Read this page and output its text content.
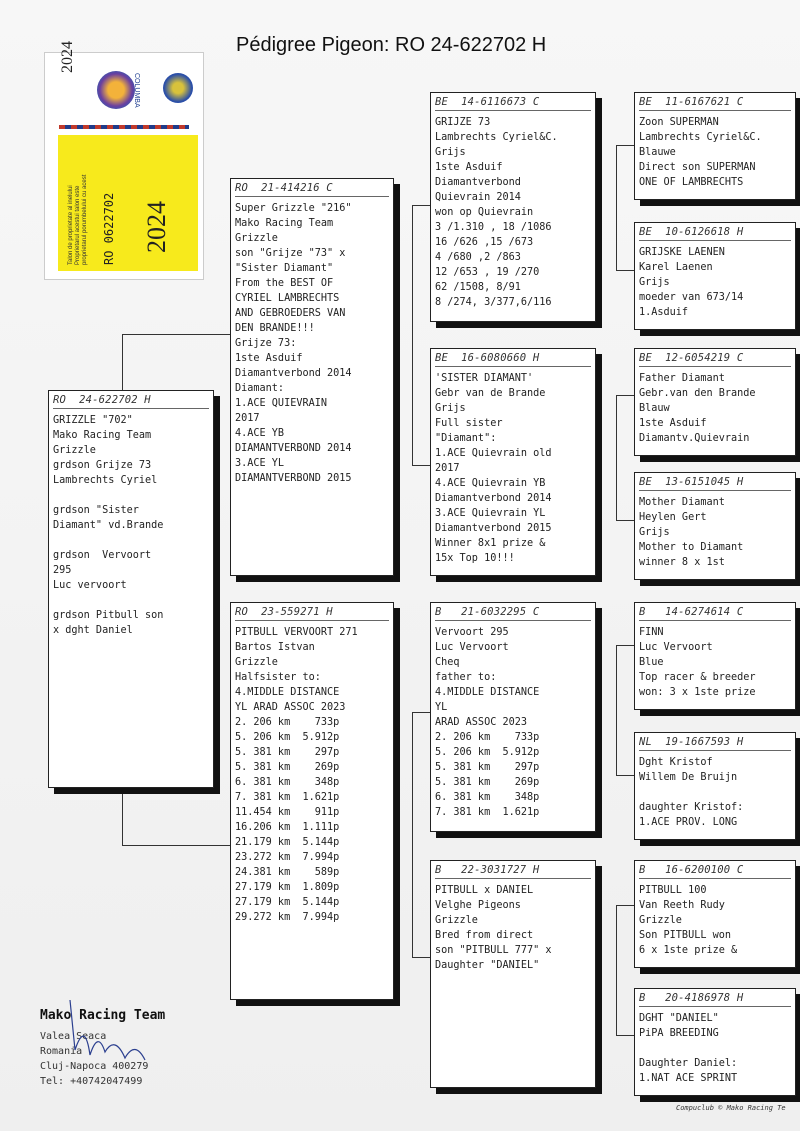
Pédigree Pigeon: RO 24-622702 H
2024
COLUMBA
Talon de proprietate al inelului Proprietarul acestui talon este proprietarul porumbelului cu acest RO 0622702 2024
RO  24-622702 H
GRIZZLE "702"
Mako Racing Team
Grizzle
grdson Grijze 73
Lambrechts Cyriel
grdson "Sister
Diamant" vd.Brande
grdson  Vervoort
295
Luc vervoort
grdson Pitbull son
x dght Daniel
RO  21-414216 C
Super Grizzle "216"
Mako Racing Team
Grizzle
son "Grijze "73" x
"Sister Diamant"
From the BEST OF
CYRIEL LAMBRECHTS
AND GEBROEDERS VAN
DEN BRANDE!!!
Grijze 73:
1ste Asduif
Diamantverbond 2014
Diamant:
1.ACE QUIEVRAIN
2017
4.ACE YB
DIAMANTVERBOND 2014
3.ACE YL
DIAMANTVERBOND 2015
RO  23-559271 H
PITBULL VERVOORT 271
Bartos Istvan
Grizzle
Halfsister to:
4.MIDDLE DISTANCE
YL ARAD ASSOC 2023
2. 206 km    733p
5. 206 km  5.912p
5. 381 km    297p
5. 381 km    269p
6. 381 km    348p
7. 381 km  1.621p
11.454 km    911p
16.206 km  1.111p
21.179 km  5.144p
23.272 km  7.994p
24.381 km    589p
27.179 km  1.809p
27.179 km  5.144p
29.272 km  7.994p
BE  14-6116673 C
GRIJZE 73
Lambrechts Cyriel&C.
Grijs
1ste Asduif
Diamantverbond
Quievrain 2014
won op Quievrain
3 /1.310 , 18 /1086
16 /626 ,15 /673
4 /680 ,2 /863
12 /653 , 19 /270
62 /1508, 8/91
8 /274, 3/377,6/116
BE  16-6080660 H
'SISTER DIAMANT'
Gebr van de Brande
Grijs
Full sister
"Diamant":
1.ACE Quievrain old
2017
4.ACE Quievrain YB
Diamantverbond 2014
3.ACE Quievrain YL
Diamantverbond 2015
Winner 8x1 prize &
15x Top 10!!!
B   21-6032295 C
Vervoort 295
Luc Vervoort
Cheq
father to:
4.MIDDLE DISTANCE
YL
ARAD ASSOC 2023
2. 206 km    733p
5. 206 km  5.912p
5. 381 km    297p
5. 381 km    269p
6. 381 km    348p
7. 381 km  1.621p
B   22-3031727 H
PITBULL x DANIEL
Velghe Pigeons
Grizzle
Bred from direct
son "PITBULL 777" x
Daughter "DANIEL"
BE  11-6167621 C
Zoon SUPERMAN
Lambrechts Cyriel&C.
Blauwe
Direct son SUPERMAN
ONE OF LAMBRECHTS
BE  10-6126618 H
GRIJSKE LAENEN
Karel Laenen
Grijs
moeder van 673/14
1.Asduif
BE  12-6054219 C
Father Diamant
Gebr.van den Brande
Blauw
1ste Asduif
Diamantv.Quievrain
BE  13-6151045 H
Mother Diamant
Heylen Gert
Grijs
Mother to Diamant
winner 8 x 1st
B   14-6274614 C
FINN
Luc Vervoort
Blue
Top racer & breeder
won: 3 x 1ste prize
NL  19-1667593 H
Dght Kristof
Willem De Bruijn
daughter Kristof:
1.ACE PROV. LONG
B   16-6200100 C
PITBULL 100
Van Reeth Rudy
Grizzle
Son PITBULL won
6 x 1ste prize &
B   20-4186978 H
DGHT "DANIEL"
PiPA BREEDING
Daughter Daniel:
1.NAT ACE SPRINT
Mako Racing Team
Valea Seaca
Romania
Cluj-Napoca 400279
Tel: +40742047499
Compuclub © Mako Racing Te
